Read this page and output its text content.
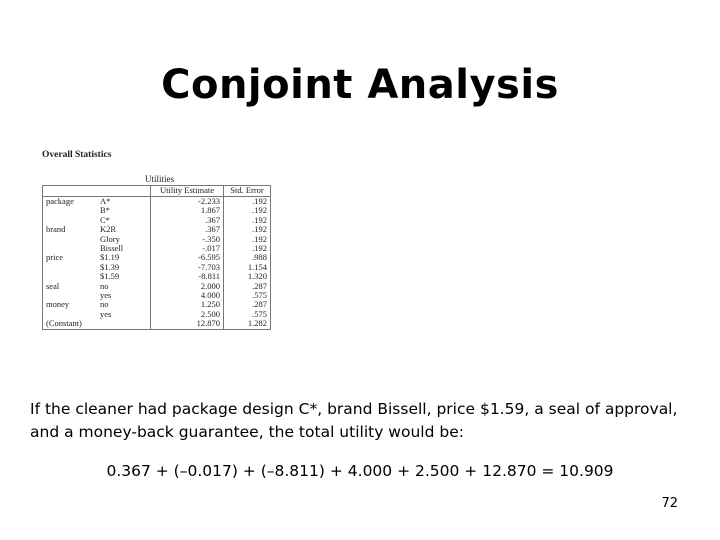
Conjoint Analysis
Overall Statistics
Utilities
		Utility Estimate	Std. Error
package	A*	-2.233	.192
	B*	1.867	.192
	C*	.367	.192
brand	K2R	.367	.192
	Glory	-.350	.192
	Bissell	-.017	.192
price	$1.19	-6.595	.988
	$1.39	-7.703	1.154
	$1.59	-8.811	1.320
seal	no	2.000	.287
	yes	4.000	.575
money	no	1.250	.287
	yes	2.500	.575
(Constant)		12.870	1.282
If the cleaner had package design C*, brand Bissell, price $1.59, a seal of approval, and a money-back guarantee, the total utility would be:
0.367 + (–0.017) + (–8.811) + 4.000 + 2.500 + 12.870 = 10.909
72
